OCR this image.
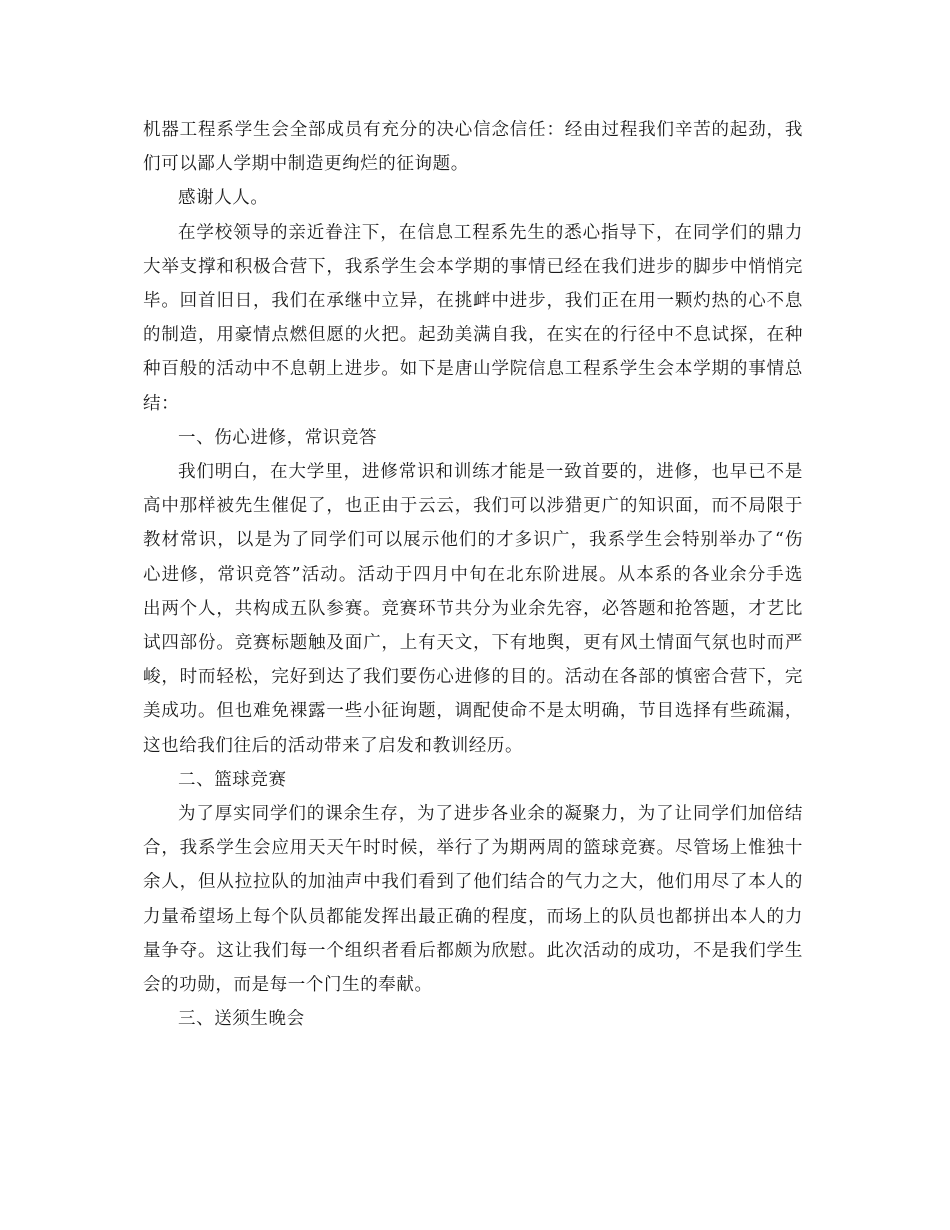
机器工程系学生会全部成员有充分的决心信念信任：经由过程我们辛苦的起劲，我们可以鄙人学期中制造更绚烂的征询题。

感谢人人。

在学校领导的亲近眷注下，在信息工程系先生的悉心指导下，在同学们的鼎力大举支撑和积极合营下，我系学生会本学期的事情已经在我们进步的脚步中悄悄完毕。回首旧日，我们在承继中立异，在挑衅中进步，我们正在用一颗灼热的心不息的制造，用豪情点燃但愿的火把。起劲美满自我，在实在的行径中不息试探，在种种百般的活动中不息朝上进步。如下是唐山学院信息工程系学生会本学期的事情总结：

一、伤心进修，常识竞答

我们明白，在大学里，进修常识和训练才能是一致首要的，进修，也早已不是高中那样被先生催促了，也正由于云云，我们可以涉猎更广的知识面，而不局限于教材常识，以是为了同学们可以展示他们的才多识广，我系学生会特别举办了“伤心进修，常识竞答”活动。活动于四月中旬在北东阶进展。从本系的各业余分手选出两个人，共构成五队参赛。竞赛环节共分为业余先容，必答题和抢答题，才艺比试四部份。竞赛标题触及面广，上有天文，下有地舆，更有风土情面气氛也时而严峻，时而轻松，完好到达了我们要伤心进修的目的。活动在各部的慎密合营下，完美成功。但也难免裸露一些小征询题，调配使命不是太明确，节目选择有些疏漏，这也给我们往后的活动带来了启发和教训经历。

二、篮球竞赛

为了厚实同学们的课余生存，为了进步各业余的凝聚力，为了让同学们加倍结合，我系学生会应用天天午时时候，举行了为期两周的篮球竞赛。尽管场上惟独十余人，但从拉拉队的加油声中我们看到了他们结合的气力之大，他们用尽了本人的力量希望场上每个队员都能发挥出最正确的程度，而场上的队员也都拼出本人的力量争夺。这让我们每一个组织者看后都颇为欣慰。此次活动的成功，不是我们学生会的功勋，而是每一个门生的奉献。

三、送须生晚会
